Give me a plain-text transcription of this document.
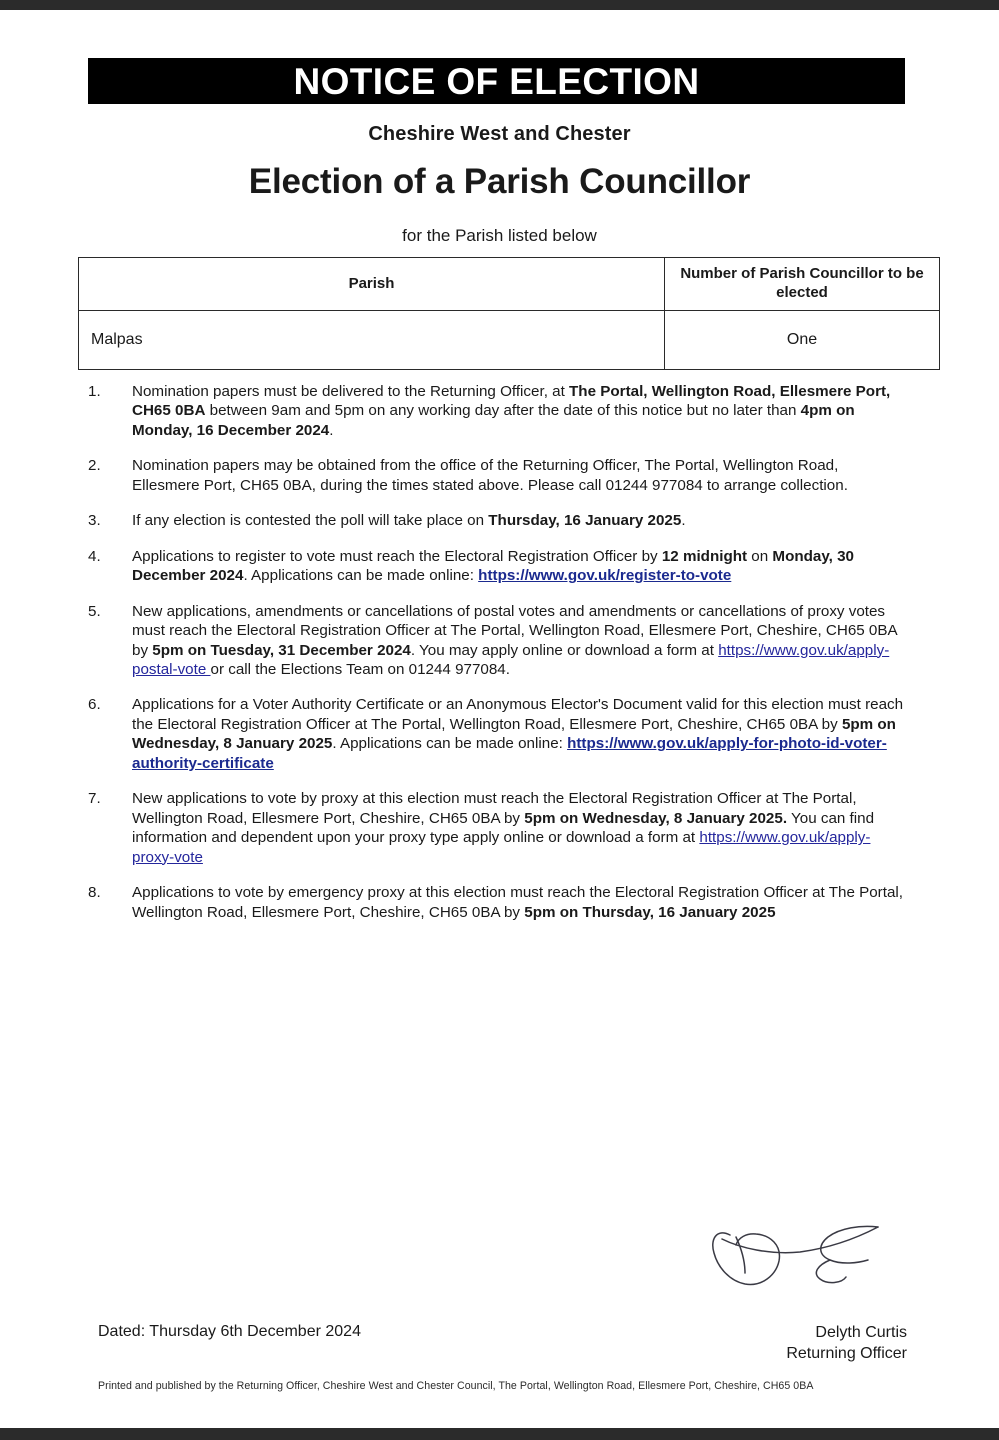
NOTICE OF ELECTION
Cheshire West and Chester
Election of a Parish Councillor
for the Parish listed below
Parish	Number of Parish Councillor to be elected
Malpas	One
1.	Nomination papers must be delivered to the Returning Officer, at The Portal, Wellington Road, Ellesmere Port, CH65 0BA between 9am and 5pm on any working day after the date of this notice but no later than 4pm on Monday, 16 December 2024.
2.	Nomination papers may be obtained from the office of the Returning Officer, The Portal, Wellington Road, Ellesmere Port, CH65 0BA, during the times stated above. Please call 01244 977084 to arrange collection.
3.	If any election is contested the poll will take place on Thursday, 16 January 2025.
4.	Applications to register to vote must reach the Electoral Registration Officer by 12 midnight on Monday, 30 December 2024. Applications can be made online: https://www.gov.uk/register-to-vote
5.	New applications, amendments or cancellations of postal votes and amendments or cancellations of proxy votes must reach the Electoral Registration Officer at The Portal, Wellington Road, Ellesmere Port, Cheshire, CH65 0BA by 5pm on Tuesday, 31 December 2024. You may apply online or download a form at https://www.gov.uk/apply-postal-vote or call the Elections Team on 01244 977084.
6.	Applications for a Voter Authority Certificate or an Anonymous Elector's Document valid for this election must reach the Electoral Registration Officer at The Portal, Wellington Road, Ellesmere Port, Cheshire, CH65 0BA by 5pm on Wednesday, 8 January 2025. Applications can be made online: https://www.gov.uk/apply-for-photo-id-voter-authority-certificate
7.	New applications to vote by proxy at this election must reach the Electoral Registration Officer at The Portal, Wellington Road, Ellesmere Port, Cheshire, CH65 0BA by 5pm on Wednesday, 8 January 2025. You can find information and dependent upon your proxy type apply online or download a form at https://www.gov.uk/apply-proxy-vote
8.	Applications to vote by emergency proxy at this election must reach the Electoral Registration Officer at The Portal, Wellington Road, Ellesmere Port, Cheshire, CH65 0BA by 5pm on Thursday, 16 January 2025
Dated: Thursday 6th December 2024	Delyth Curtis
Returning Officer
Printed and published by the Returning Officer, Cheshire West and Chester Council, The Portal, Wellington Road, Ellesmere Port, Cheshire, CH65 0BA
